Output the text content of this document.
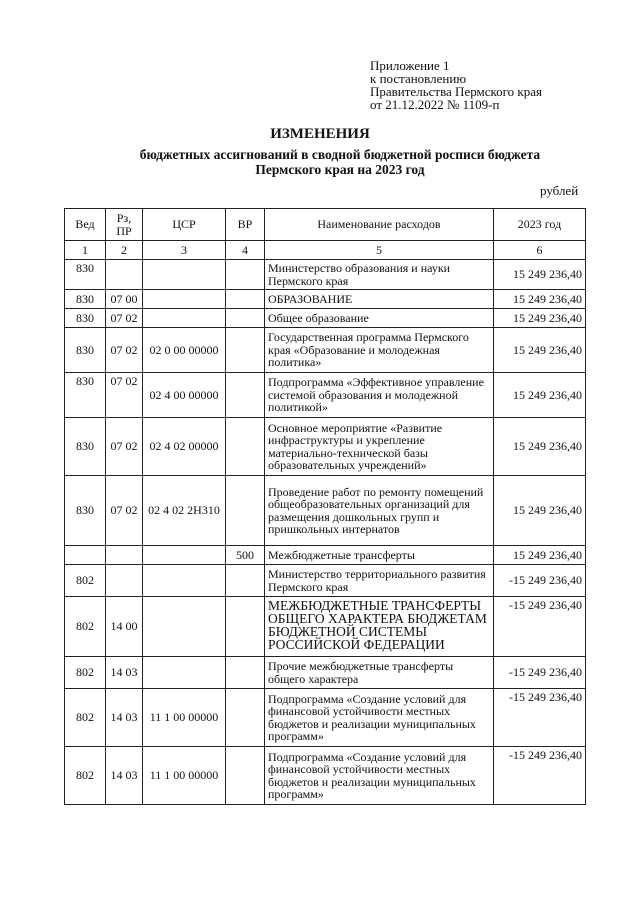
Приложение 1
к постановлению
Правительства Пермского края
от 21.12.2022 № 1109-п
ИЗМЕНЕНИЯ
бюджетных ассигнований в сводной бюджетной росписи бюджета
Пермского края на 2023 год
рублей
Вед	Рз, ПР	ЦСР	ВР	Наименование расходов	2023 год
1	2	3	4	5	6
830				Министерство образования и науки Пермского края	15 249 236,40
830	07 00			ОБРАЗОВАНИЕ	15 249 236,40
830	07 02			Общее образование	15 249 236,40
830	07 02	02 0 00 00000		Государственная программа Пермского края «Образование и молодежная политика»	15 249 236,40
830	07 02	02 4 00 00000		Подпрограмма «Эффективное управление системой образования и молодежной политикой»	15 249 236,40
830	07 02	02 4 02 00000		Основное мероприятие «Развитие инфраструктуры и укрепление материально-технической базы образовательных учреждений»	15 249 236,40
830	07 02	02 4 02 2Н310		Проведение работ по ремонту помещений общеобразовательных организаций для размещения дошкольных групп и пришкольных интернатов	15 249 236,40
			500	Межбюджетные трансферты	15 249 236,40
802				Министерство территориального развития Пермского края	-15 249 236,40
802	14 00			МЕЖБЮДЖЕТНЫЕ ТРАНСФЕРТЫ ОБЩЕГО ХАРАКТЕРА БЮДЖЕТАМ БЮДЖЕТНОЙ СИСТЕМЫ РОССИЙСКОЙ ФЕДЕРАЦИИ	-15 249 236,40
802	14 03			Прочие межбюджетные трансферты общего характера	-15 249 236,40
802	14 03	11 1 00 00000		Подпрограмма «Создание условий для финансовой устойчивости местных бюджетов и реализации муниципальных программ»	-15 249 236,40
802	14 03	11 1 00 00000		Подпрограмма «Создание условий для финансовой устойчивости местных бюджетов и реализации муниципальных программ»	-15 249 236,40
